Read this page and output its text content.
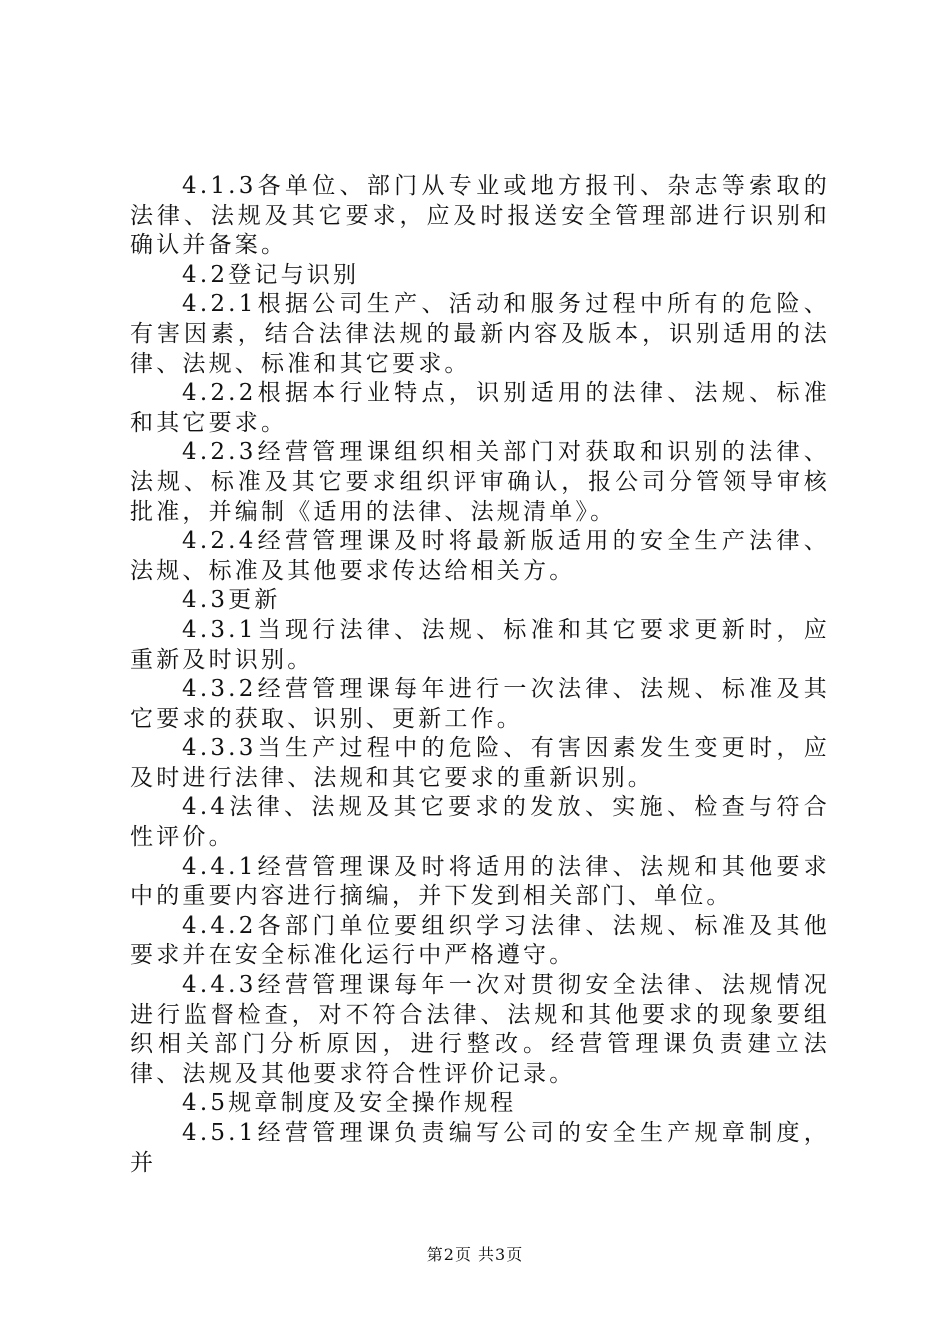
4.1.3各单位、部门从专业或地方报刊、杂志等索取的法律、法规及其它要求，应及时报送安全管理部进行识别和确认并备案。

4.2登记与识别

4.2.1根据公司生产、活动和服务过程中所有的危险、有害因素，结合法律法规的最新内容及版本，识别适用的法律、法规、标准和其它要求。

4.2.2根据本行业特点，识别适用的法律、法规、标准和其它要求。

4.2.3经营管理课组织相关部门对获取和识别的法律、法规、标准及其它要求组织评审确认，报公司分管领导审核批准，并编制《适用的法律、法规清单》。

4.2.4经营管理课及时将最新版适用的安全生产法律、法规、标准及其他要求传达给相关方。

4.3更新

4.3.1当现行法律、法规、标准和其它要求更新时，应重新及时识别。

4.3.2经营管理课每年进行一次法律、法规、标准及其它要求的获取、识别、更新工作。

4.3.3当生产过程中的危险、有害因素发生变更时，应及时进行法律、法规和其它要求的重新识别。

4.4法律、法规及其它要求的发放、实施、检查与符合性评价。

4.4.1经营管理课及时将适用的法律、法规和其他要求中的重要内容进行摘编，并下发到相关部门、单位。

4.4.2各部门单位要组织学习法律、法规、标准及其他要求并在安全标准化运行中严格遵守。

4.4.3经营管理课每年一次对贯彻安全法律、法规情况进行监督检查，对不符合法律、法规和其他要求的现象要组织相关部门分析原因，进行整改。经营管理课负责建立法律、法规及其他要求符合性评价记录。

4.5规章制度及安全操作规程

4.5.1经营管理课负责编写公司的安全生产规章制度，并

第2页 共3页
